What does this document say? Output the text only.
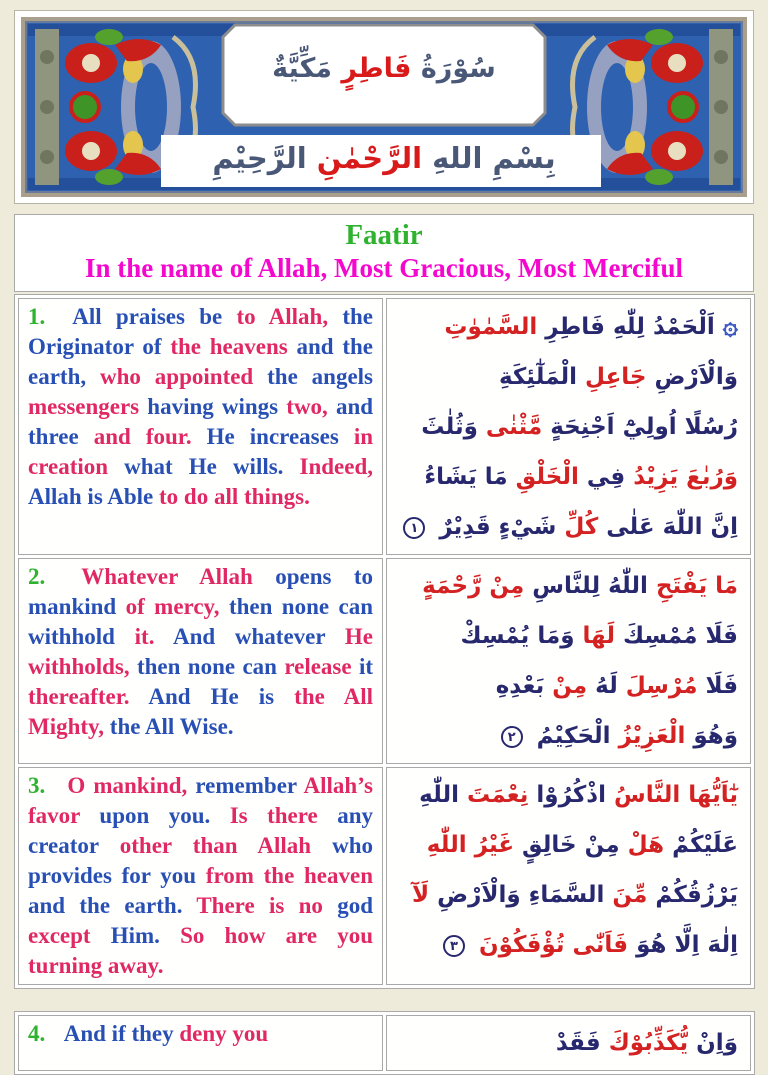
سُوْرَةُ فَاطِرٍ مَكِّيَّةٌ
بِسْمِ اللهِ الرَّحْمٰنِ الرَّحِيْمِ
Faatir
In the name of Allah, Most Gracious, Most Merciful

1. All praises be to Allah, the Originator of the heavens and the earth, who appointed the angels messengers having wings two, and three and four. He increases in creation what He wills. Indeed, Allah is Able to do all things.

۞ اَلْحَمْدُ لِلّٰهِ فَاطِرِ السَّمٰوٰتِ
وَالْاَرْضِ جَاعِلِ الْمَلٰٓئِكَةِ
رُسُلًا اُولِيْٓ اَجْنِحَةٍ مَّثْنٰى وَثُلٰثَ
وَرُبٰعَ يَزِيْدُ فِي الْخَلْقِ مَا يَشَاءُ
اِنَّ اللّٰهَ عَلٰى كُلِّ شَيْءٍ قَدِيْرٌ ١

2. Whatever Allah opens to mankind of mercy, then none can withhold it. And whatever He withholds, then none can release it thereafter. And He is the All Mighty, the All Wise.	مَا يَفْتَحِ اللّٰهُ لِلنَّاسِ مِنْ رَّحْمَةٍ
فَلَا مُمْسِكَ لَهَا وَمَا يُمْسِكْ
فَلَا مُرْسِلَ لَهُ مِنْ بَعْدِهِ
وَهُوَ الْعَزِيْزُ الْحَكِيْمُ ٢

3. O mankind, remember Allah’s favor upon you. Is there any creator other than Allah who provides for you from the heaven and the earth. There is no god except Him. So how are you turning away.	يٰٓاَيُّهَا النَّاسُ اذْكُرُوْا نِعْمَتَ اللّٰهِ
عَلَيْكُمْ هَلْ مِنْ خَالِقٍ غَيْرُ اللّٰهِ
يَرْزُقُكُمْ مِّنَ السَّمَاءِ وَالْاَرْضِ لَآ
اِلٰهَ اِلَّا هُوَ فَاَنّٰى تُؤْفَكُوْنَ ٣

4. And if they deny you	وَاِنْ يُّكَذِّبُوْكَ فَقَدْ
